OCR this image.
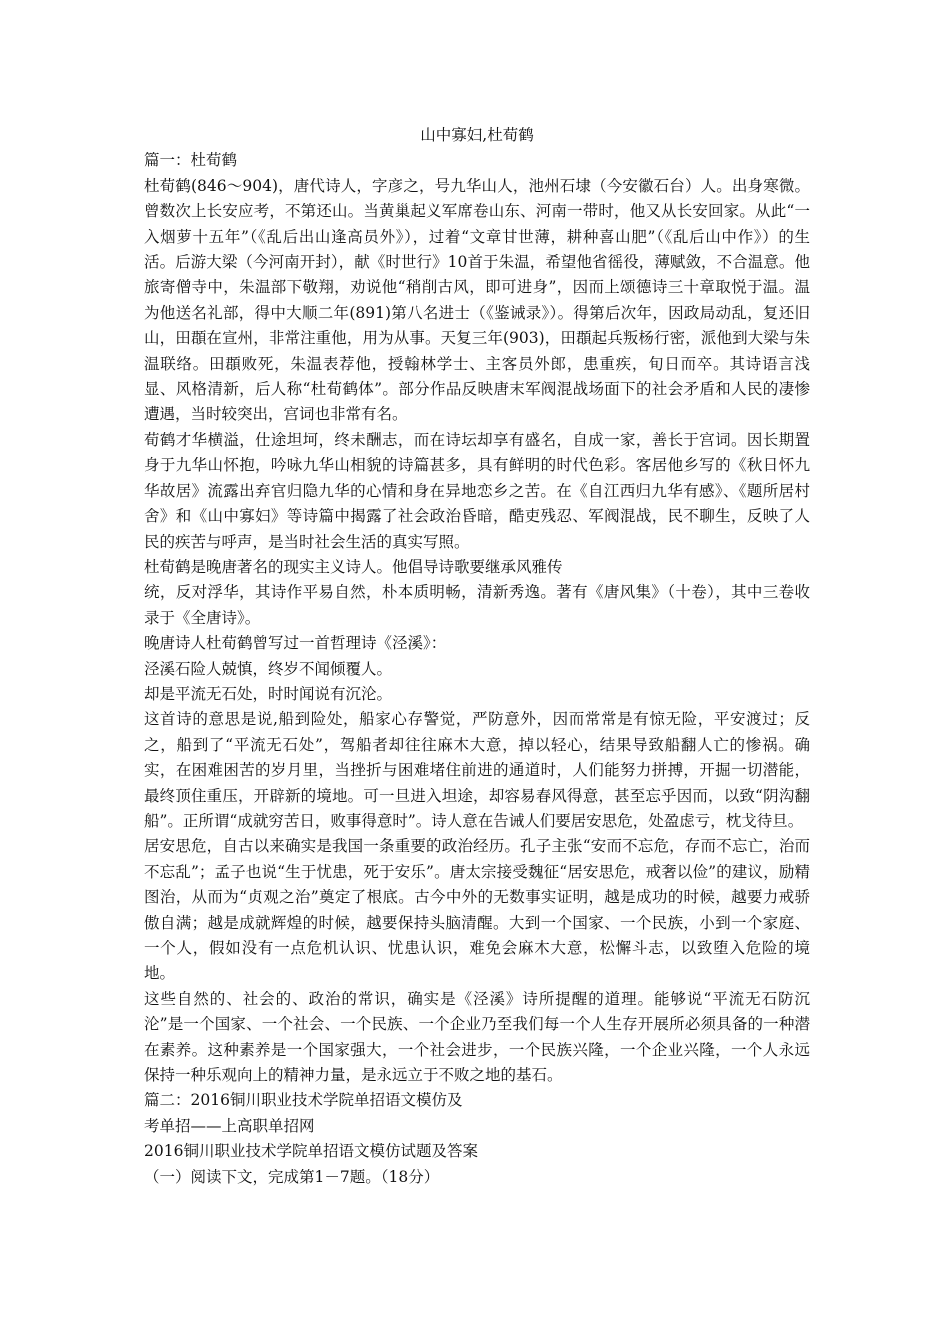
山中寡妇,杜荀鹤

篇一：杜荀鹤

杜荀鹤(846～904)，唐代诗人，字彦之，号九华山人，池州石埭（今安徽石台）人。出身寒微。曾数次上长安应考，不第还山。当黄巢起义军席卷山东、河南一带时，他又从长安回家。从此“一入烟萝十五年”（《乱后出山逢高员外》），过着“文章甘世薄，耕种喜山肥”（《乱后山中作》）的生活。后游大梁（今河南开封），献《时世行》10首于朱温，希望他省徭役，薄赋敛，不合温意。他旅寄僧寺中，朱温部下敬翔，劝说他“稍削古风，即可进身”，因而上颂德诗三十章取悦于温。温为他送名礼部，得中大顺二年(891)第八名进士（《鉴诫录》）。得第后次年，因政局动乱，复还旧山，田頵在宣州，非常注重他，用为从事。天复三年(903)，田頵起兵叛杨行密，派他到大梁与朱温联络。田頵败死，朱温表荐他，授翰林学士、主客员外郎，患重疾，旬日而卒。其诗语言浅显、风格清新，后人称“杜荀鹤体”。部分作品反映唐末军阀混战场面下的社会矛盾和人民的凄惨遭遇，当时较突出，宫词也非常有名。

荀鹤才华横溢，仕途坦坷，终未酬志，而在诗坛却享有盛名，自成一家，善长于宫词。因长期置身于九华山怀抱，吟咏九华山相貌的诗篇甚多，具有鲜明的时代色彩。客居他乡写的《秋日怀九华故居》流露出弃官归隐九华的心情和身在异地恋乡之苦。在《自江西归九华有感》、《题所居村舍》和《山中寡妇》等诗篇中揭露了社会政治昏暗，酷吏残忍、军阀混战，民不聊生，反映了人民的疾苦与呼声，是当时社会生活的真实写照。

杜荀鹤是晚唐著名的现实主义诗人。他倡导诗歌要继承风雅传

统，反对浮华，其诗作平易自然，朴本质明畅，清新秀逸。著有《唐风集》（十卷），其中三卷收录于《全唐诗》。

晚唐诗人杜荀鹤曾写过一首哲理诗《泾溪》：

泾溪石险人兢慎，终岁不闻倾覆人。

却是平流无石处，时时闻说有沉沦。

这首诗的意思是说,船到险处，船家心存警觉，严防意外，因而常常是有惊无险，平安渡过；反之，船到了“平流无石处”，驾船者却往往麻木大意，掉以轻心，结果导致船翻人亡的惨祸。确实，在困难困苦的岁月里，当挫折与困难堵住前进的通道时，人们能努力拼搏，开掘一切潜能，最终顶住重压，开辟新的境地。可一旦进入坦途，却容易春风得意，甚至忘乎因而，以致“阴沟翻船”。正所谓“成就穷苦日，败事得意时”。诗人意在告诫人们要居安思危，处盈虑亏，枕戈待旦。

居安思危，自古以来确实是我国一条重要的政治经历。孔子主张“安而不忘危，存而不忘亡，治而不忘乱”；孟子也说“生于忧患，死于安乐”。唐太宗接受魏征“居安思危，戒奢以俭”的建议，励精图治，从而为“贞观之治”奠定了根底。古今中外的无数事实证明，越是成功的时候，越要力戒骄傲自满；越是成就辉煌的时候，越要保持头脑清醒。大到一个国家、一个民族，小到一个家庭、一个人，假如没有一点危机认识、忧患认识，难免会麻木大意，松懈斗志，以致堕入危险的境地。

这些自然的、社会的、政治的常识，确实是《泾溪》诗所提醒的道理。能够说“平流无石防沉沦”是一个国家、一个社会、一个民族、一个企业乃至我们每一个人生存开展所必须具备的一种潜在素养。这种素养是一个国家强大，一个社会进步，一个民族兴隆，一个企业兴隆，一个人永远保持一种乐观向上的精神力量，是永远立于不败之地的基石。

篇二：2016铜川职业技术学院单招语文模仿及

考单招——上高职单招网

2016铜川职业技术学院单招语文模仿试题及答案

（一）阅读下文，完成第1－7题。（18分）
